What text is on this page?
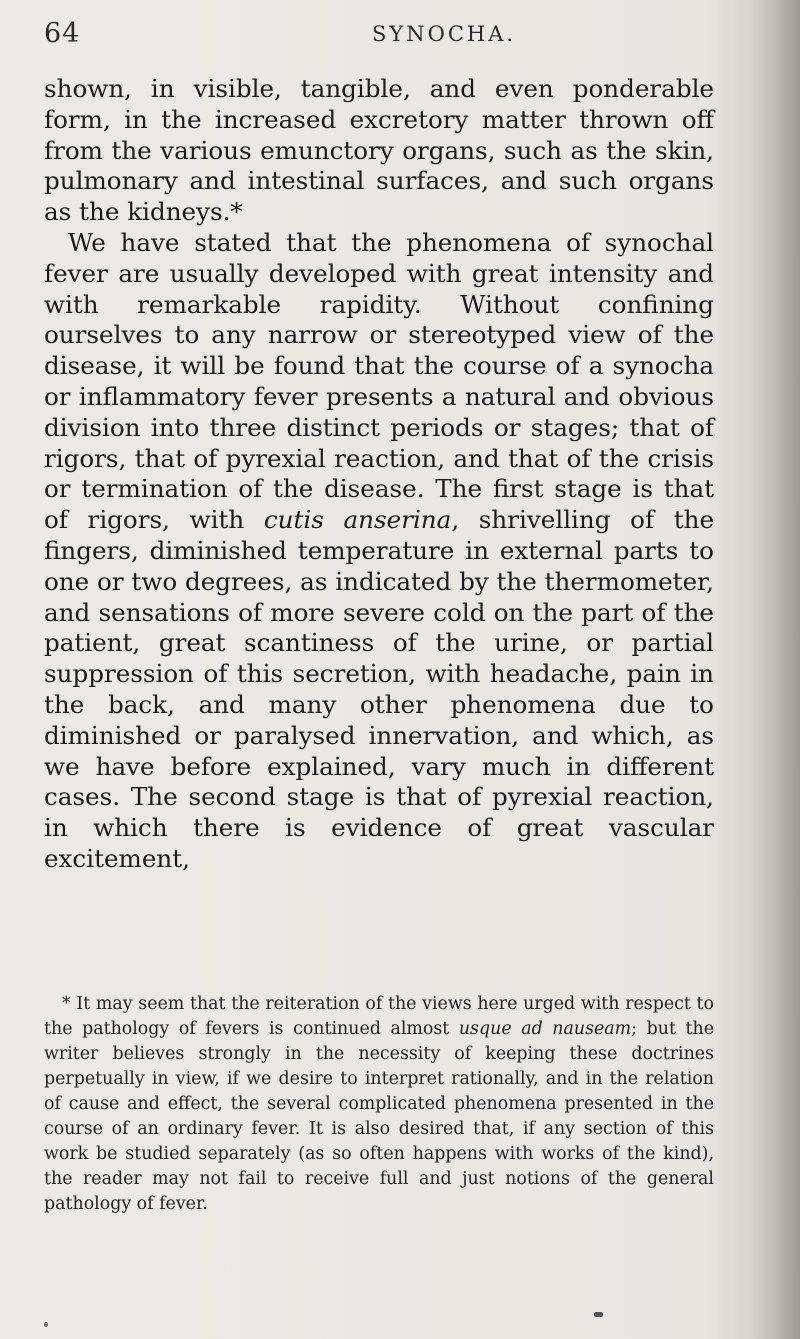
64	SYNOCHA.

shown, in visible, tangible, and even ponderable form, in the increased excretory matter thrown off from the various emunctory organs, such as the skin, pulmonary and intestinal surfaces, and such organs as the kidneys.*

We have stated that the phenomena of synochal fever are usually developed with great intensity and with remarkable rapidity. Without confining ourselves to any narrow or stereotyped view of the disease, it will be found that the course of a synocha or inflammatory fever presents a natural and obvious division into three distinct periods or stages; that of rigors, that of pyrexial reaction, and that of the crisis or termination of the disease. The first stage is that of rigors, with cutis anserina, shrivelling of the fingers, diminished temperature in external parts to one or two degrees, as indicated by the thermometer, and sensations of more severe cold on the part of the patient, great scantiness of the urine, or partial suppression of this secretion, with headache, pain in the back, and many other phenomena due to diminished or paralysed innervation, and which, as we have before explained, vary much in different cases. The second stage is that of pyrexial reaction, in which there is evidence of great vascular excitement,

* It may seem that the reiteration of the views here urged with respect to the pathology of fevers is continued almost usque ad nauseam; but the writer believes strongly in the necessity of keeping these doctrines perpetually in view, if we desire to interpret rationally, and in the relation of cause and effect, the several complicated phenomena presented in the course of an ordinary fever. It is also desired that, if any section of this work be studied separately (as so often happens with works of the kind), the reader may not fail to receive full and just notions of the general pathology of fever.
